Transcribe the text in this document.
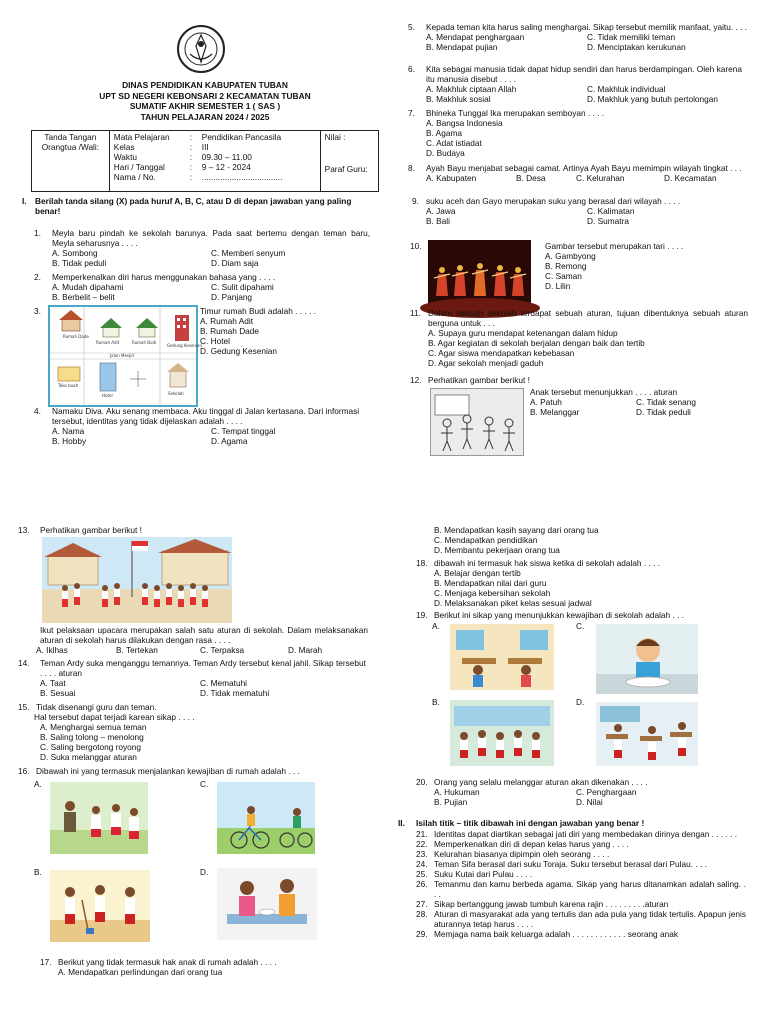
DINAS PENDIDIKAN KABUPATEN TUBAN
UPT SD NEGERI KEBONSARI 2 KECAMATAN TUBAN
SUMATIF AKHIR SEMESTER 1 ( SAS )
TAHUN PELAJARAN 2024 / 2025
Tanda Tangan Orangtua /Wali:	
Mata Pelajaran	:	Pendidikan Pancasila
Kelas	:	III
Waktu	:	09.30 – 11.00
Hari / Tanggal	:	9 – 12 - 2024
Nama / No.	:	...................................

Nilai :
Paraf Guru:
I.	Berilah tanda silang (X) pada huruf A, B, C, atau D di depan jawaban yang paling benar!
1.	Meyla baru pindah ke sekolah barunya. Pada saat bertemu dengan teman baru, Meyla seharusnya . . . .
A. Sombong	C. Memberi senyum
B. Tidak peduli	D. Diam saja
2.	Memperkenalkan diri harus menggunakan bahasa yang . . . .
A. Mudah dipahami	C. Sulit dipahami
B. Berbelit – belit	D. Panjang
3.
Rumah Dade
Rumah Adit	Rumah Budi
Gedung Kesenian
Jalan Mesjid
Toko buah
Hotel	Sekolah
Timur rumah Budi adalah . . . . .
A. Rumah Adit
B. Rumah Dade
C. Hotel
D. Gedung Kesenian
4.	Namaku Diva. Aku senang membaca. Aku tinggal di Jalan kertasana. Dari informasi tersebut, identitas yang tidak dijelaskan adalah . . . .
A. Nama	C. Tempat tinggal
B. Hobby	D. Agama
5.	Kepada teman kita harus saling menghargai. Sikap tersebut memilik manfaat, yaitu. . . .
A. Mendapat penghargaan	C. Tidak memiliki teman
B. Mendapat pujian	D. Menciptakan kerukunan
6.	Kita sebagai manusia tidak dapat hidup sendiri dan harus berdampingan. Oleh karena itu manusia disebut . . . .
A. Makhluk ciptaan Allah	C. Makhluk individual
B. Makhluk sosial	D. Makhluk yang butuh pertolongan
7.	Bhineka Tunggal Ika merupakan semboyan . . . .
A. Bangsa Indonesia
B. Agama
C. Adat istiadat
D. Budaya
8.	Ayah Bayu menjabat sebagai camat. Artinya Ayah Bayu memimpin wilayah tingkat . . .
A. Kabupaten	B. Desa	C. Kelurahan	D. Kecamatan
9. suku aceh dan Gayo merupakan suku yang berasal dari wilayah . . . .
A. Jawa	C. Kalimatan
B. Bali	D. Sumatra
10.	Gambar tersebut merupakan tari . . . .
A. Gambyong
B. Remong
C. Saman
D. Lilin
11. Dalam sebuah sekolah terdapat sebuah aturan, tujuan dibentuknya sebuah aturan berguna untuk . . .
A. Supaya guru mendapat ketenangan dalam hidup
B. Agar kegiatan di sekolah berjalan dengan baik dan tertib
C. Agar siswa mendapatkan kebebasan
D. Agar sekolah menjadi gaduh
12. Perhatikan gambar berikut !
Anak tersebut menunjukkan . . . . aturan
A. Patuh	C. Tidak senang
B. Melanggar	D. Tidak peduli
13.	Perhatikan gambar berikut !
Ikut pelaksaan upacara merupakan salah satu aturan di sekolah. Dalam melaksanakan aturan di sekolah harus dilakukan dengan rasa . . . .
A. Iklhas	B. Tertekan	C. Terpaksa	D. Marah
14.	Teman Ardy suka menganggu temannya. Teman Ardy tersebut kenal jahil. Sikap tersebut . . . . aturan
A. Taat	C. Mematuhi
B. Sesuai	D. Tidak mematuhi
15. Tidak disenangi guru dan teman.
Hal tersebut dapat terjadi karean sikap . . . .
A. Menghargai semua teman
B. Saling tolong – menolong
C. Saling bergotong royong
D. Suka melanggar aturan
16. Dibawah ini yang termasuk menjalankan kewajiban di rumah adalah . . .
A.	C.
B.	D.
17. Berikut yang tidak termasuk hak anak di rumah adalah . . . .
A. Mendapatkan perlindungan dari orang tua
B. Mendapatkan kasih sayang dari orang tua
C. Mendapatkan pendidikan
D. Membantu pekerjaan orang tua
18. dibawah ini termasuk hak siswa ketika di sekolah adalah . . . .
A. Belajar dengan tertib
B. Mendapatkan nilai dari guru
C. Menjaga kebersihan sekolah
D. Melaksanakan piket kelas sesuai jadwal
19. Berikut ini sikap yang menunjukkan kewajiban di sekolah adalah . . .
A.	C.
B.	D.
20. Orang yang selalu melanggar aturan akan dikenakan . . . .
A. Hukuman	C. Penghargaan
B. Pujian	D. Nilai
II.	Isilah titik – titik dibawah ini dengan jawaban yang benar !
21. Identitas dapat diartikan sebagai jati diri yang membedakan dirinya dengan . . . . . .
22. Memperkenalkan diri di depan kelas harus yang . . . .
23. Kelurahan biasanya dipimpin oleh seorang . . . .
24. Teman Sifa berasal dari suku Toraja. Suku tersebut berasal dari Pulau. . . .
25. Suku Kutai dari Pulau . . . .
26. Temanmu dan kamu berbeda agama. Sikap yang harus ditanamkan adalah saling. . . .
27. Sikap bertanggung jawab tumbuh karena rajin . . . . . . . . .aturan
28. Aturan di masyarakat ada yang tertulis dan ada pula yang tidak tertulis. Apapun jenis aturannya tetap harus . . . .
29. Memjaga nama baik keluarga adalah . . . . . . . . . . . . seorang anak
